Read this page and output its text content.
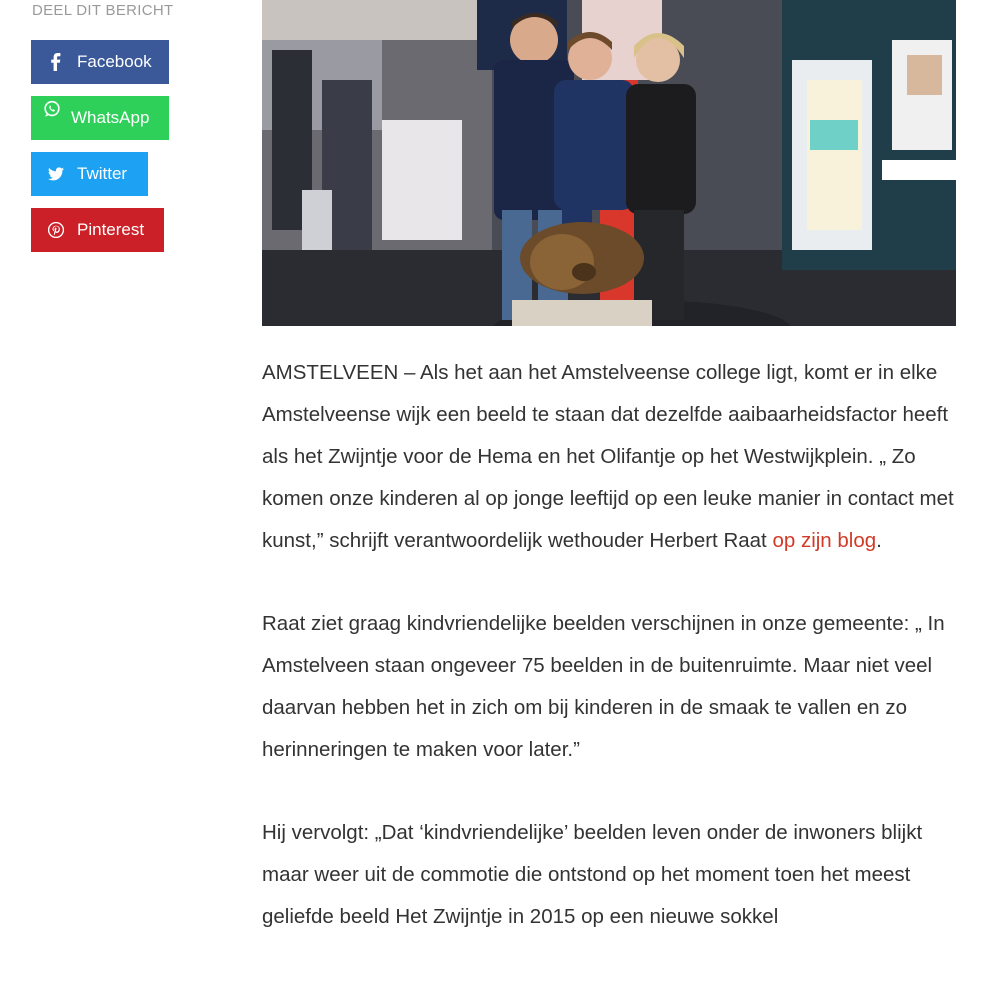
DEEL DIT BERICHT
Facebook
WhatsApp
Twitter
Pinterest

AMSTELVEEN – Als het aan het Amstelveense college ligt, komt er in elke Amstelveense wijk een beeld te staan dat dezelfde aaibaarheidsfactor heeft als het Zwijntje voor de Hema en het Olifantje op het Westwijkplein. „ Zo komen onze kinderen al op jonge leeftijd op een leuke manier in contact met kunst,” schrijft verantwoordelijk wethouder Herbert Raat op zijn blog.

Raat ziet graag kindvriendelijke beelden verschijnen in onze gemeente: „ In Amstelveen staan ongeveer 75 beelden in de buitenruimte. Maar niet veel daarvan hebben het in zich om bij kinderen in de smaak te vallen en zo herinneringen te maken voor later.”

Hij vervolgt: „Dat ‘kindvriendelijke’ beelden leven onder de inwoners blijkt maar weer uit de commotie die ontstond op het moment toen het meest geliefde beeld Het Zwijntje in 2015 op een nieuwe sokkel
